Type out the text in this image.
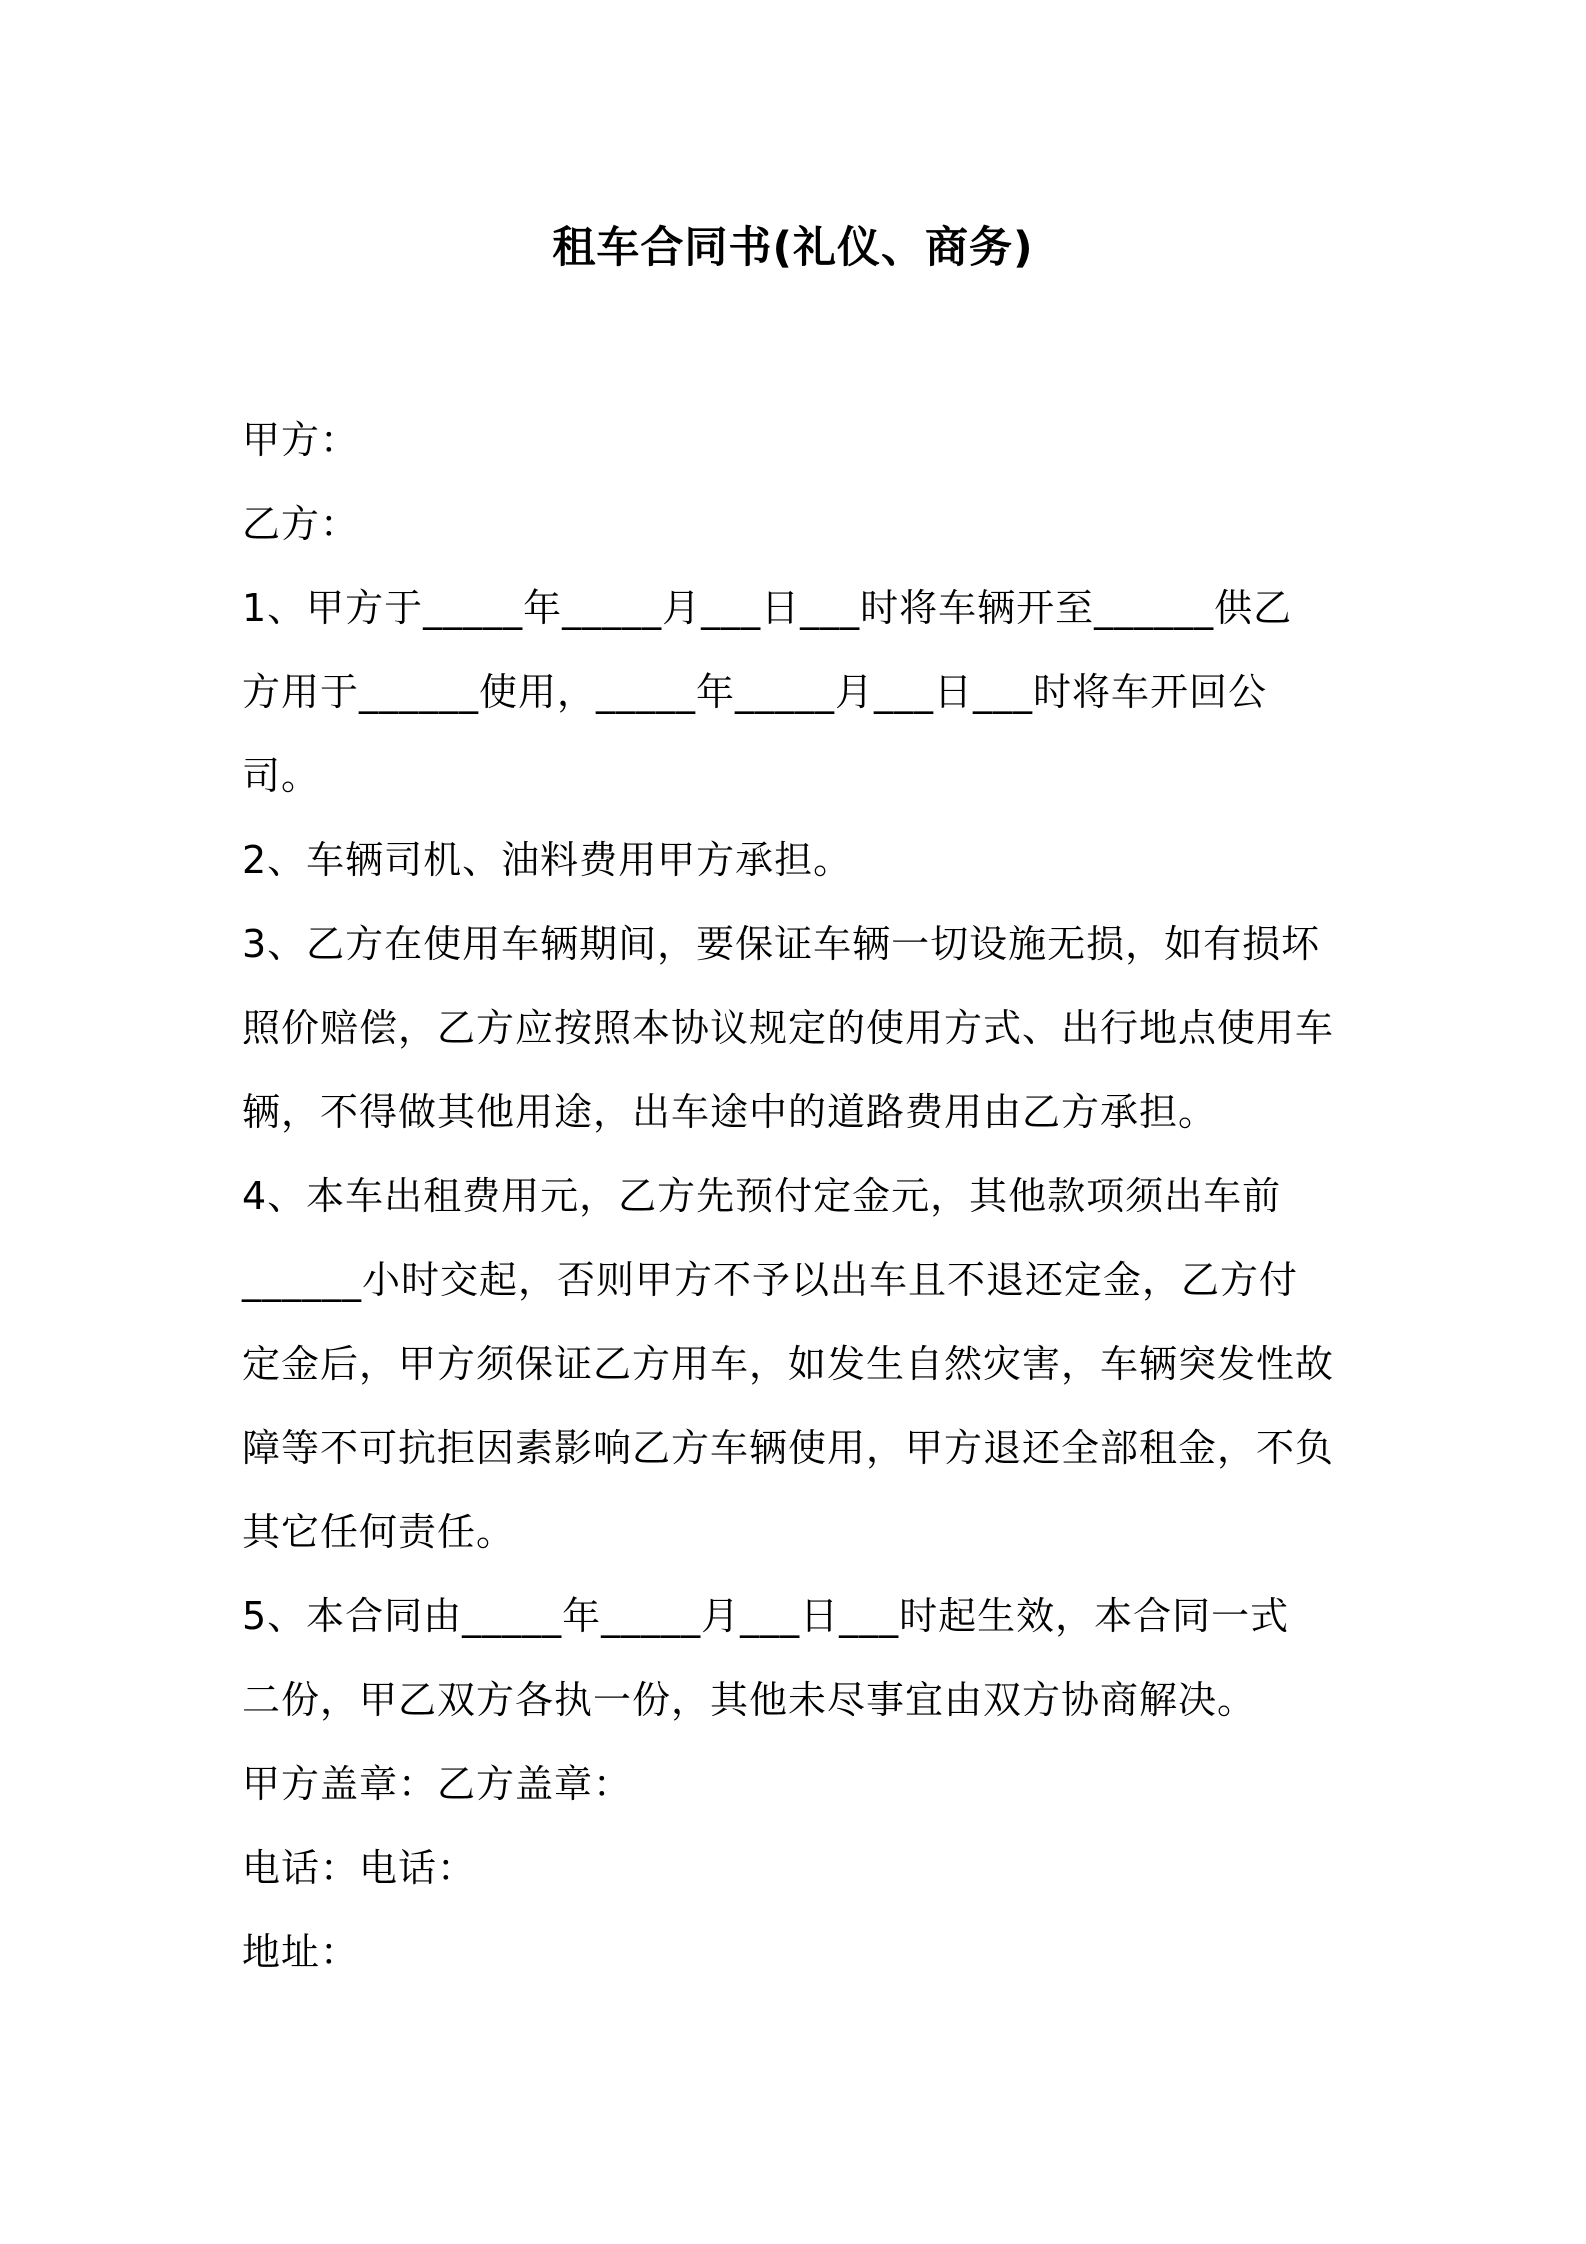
租车合同书(礼仪、商务)
甲方：
乙方：
1、甲方于_____年_____月___日___时将车辆开至______供乙
方用于______使用，_____年_____月___日___时将车开回公
司。
2、车辆司机、油料费用甲方承担。
3、乙方在使用车辆期间，要保证车辆一切设施无损，如有损坏
照价赔偿，乙方应按照本协议规定的使用方式、出行地点使用车
辆，不得做其他用途，出车途中的道路费用由乙方承担。
4、本车出租费用元，乙方先预付定金元，其他款项须出车前
______小时交起，否则甲方不予以出车且不退还定金，乙方付
定金后，甲方须保证乙方用车，如发生自然灾害，车辆突发性故
障等不可抗拒因素影响乙方车辆使用，甲方退还全部租金，不负
其它任何责任。
5、本合同由_____年_____月___日___时起生效，本合同一式
二份，甲乙双方各执一份，其他未尽事宜由双方协商解决。
甲方盖章：乙方盖章：
电话：电话：
地址：
